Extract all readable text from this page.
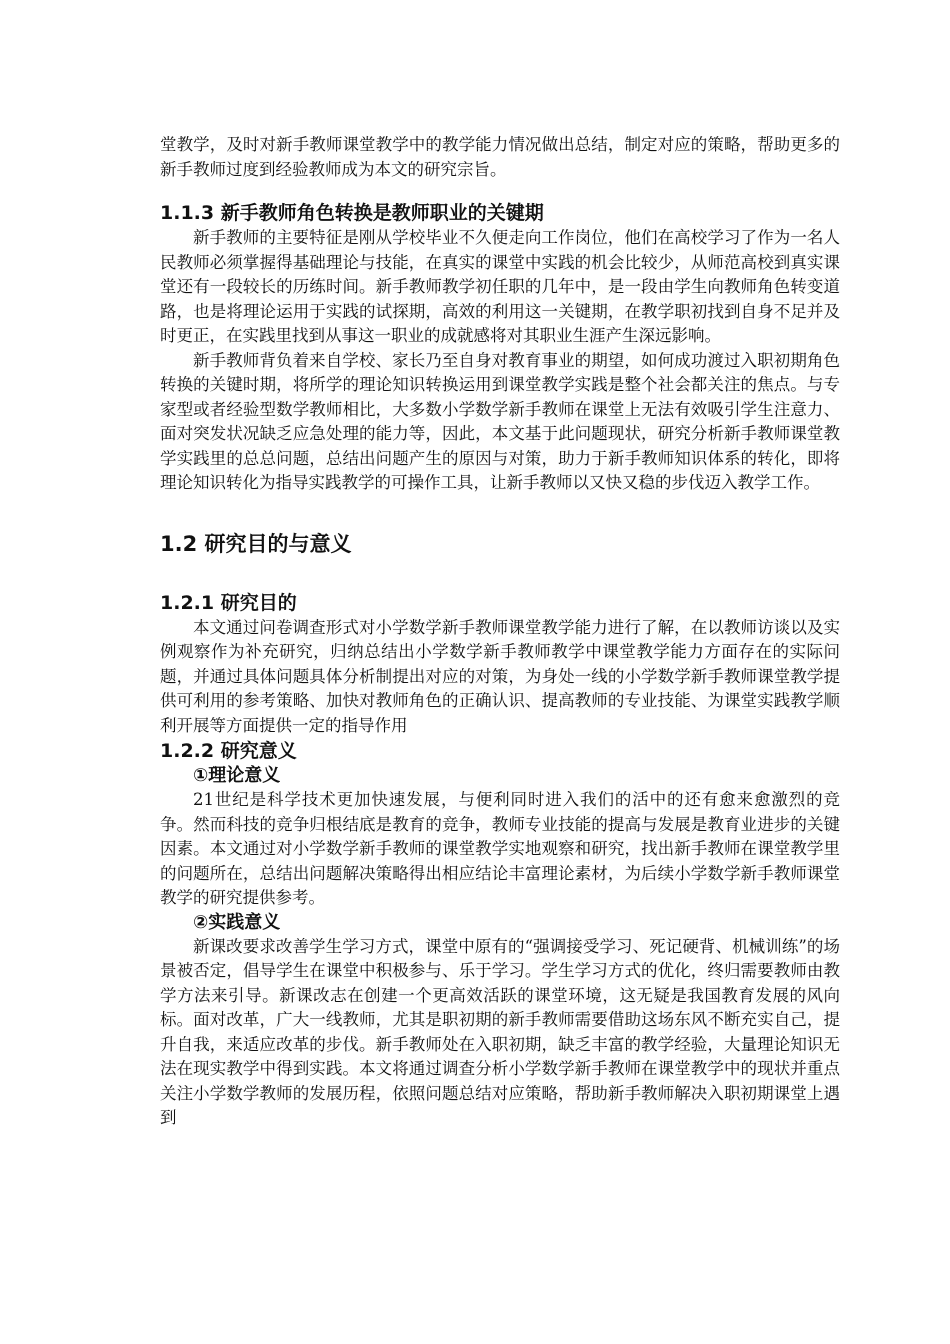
堂教学，及时对新手教师课堂教学中的教学能力情况做出总结，制定对应的策略，帮助更多的新手教师过度到经验教师成为本文的研究宗旨。

1.1.3 新手教师角色转换是教师职业的关键期

新手教师的主要特征是刚从学校毕业不久便走向工作岗位，他们在高校学习了作为一名人民教师必须掌握得基础理论与技能，在真实的课堂中实践的机会比较少，从师范高校到真实课堂还有一段较长的历练时间。新手教师教学初任职的几年中，是一段由学生向教师角色转变道路，也是将理论运用于实践的试探期，高效的利用这一关键期，在教学职初找到自身不足并及时更正，在实践里找到从事这一职业的成就感将对其职业生涯产生深远影响。

新手教师背负着来自学校、家长乃至自身对教育事业的期望，如何成功渡过入职初期角色转换的关键时期，将所学的理论知识转换运用到课堂教学实践是整个社会都关注的焦点。与专家型或者经验型数学教师相比，大多数小学数学新手教师在课堂上无法有效吸引学生注意力、面对突发状况缺乏应急处理的能力等，因此，本文基于此问题现状，研究分析新手教师课堂教学实践里的总总问题，总结出问题产生的原因与对策，助力于新手教师知识体系的转化，即将理论知识转化为指导实践教学的可操作工具，让新手教师以又快又稳的步伐迈入教学工作。

1.2 研究目的与意义
1.2.1 研究目的

本文通过问卷调查形式对小学数学新手教师课堂教学能力进行了解，在以教师访谈以及实例观察作为补充研究，归纳总结出小学数学新手教师教学中课堂教学能力方面存在的实际问题，并通过具体问题具体分析制提出对应的对策，为身处一线的小学数学新手教师课堂教学提供可利用的参考策略、加快对教师角色的正确认识、提高教师的专业技能、为课堂实践教学顺利开展等方面提供一定的指导作用

1.2.2 研究意义
①理论意义

21世纪是科学技术更加快速发展，与便利同时进入我们的活中的还有愈来愈激烈的竞争。然而科技的竞争归根结底是教育的竞争，教师专业技能的提高与发展是教育业进步的关键因素。本文通过对小学数学新手教师的课堂教学实地观察和研究，找出新手教师在课堂教学里的问题所在，总结出问题解决策略得出相应结论丰富理论素材，为后续小学数学新手教师课堂教学的研究提供参考。

②实践意义

新课改要求改善学生学习方式，课堂中原有的“强调接受学习、死记硬背、机械训练”的场景被否定，倡导学生在课堂中积极参与、乐于学习。学生学习方式的优化，终归需要教师由教学方法来引导。新课改志在创建一个更高效活跃的课堂环境，这无疑是我国教育发展的风向标。面对改革，广大一线教师，尤其是职初期的新手教师需要借助这场东风不断充实自己，提升自我，来适应改革的步伐。新手教师处在入职初期，缺乏丰富的教学经验，大量理论知识无法在现实教学中得到实践。本文将通过调查分析小学数学新手教师在课堂教学中的现状并重点关注小学数学教师的发展历程，依照问题总结对应策略，帮助新手教师解决入职初期课堂上遇到
